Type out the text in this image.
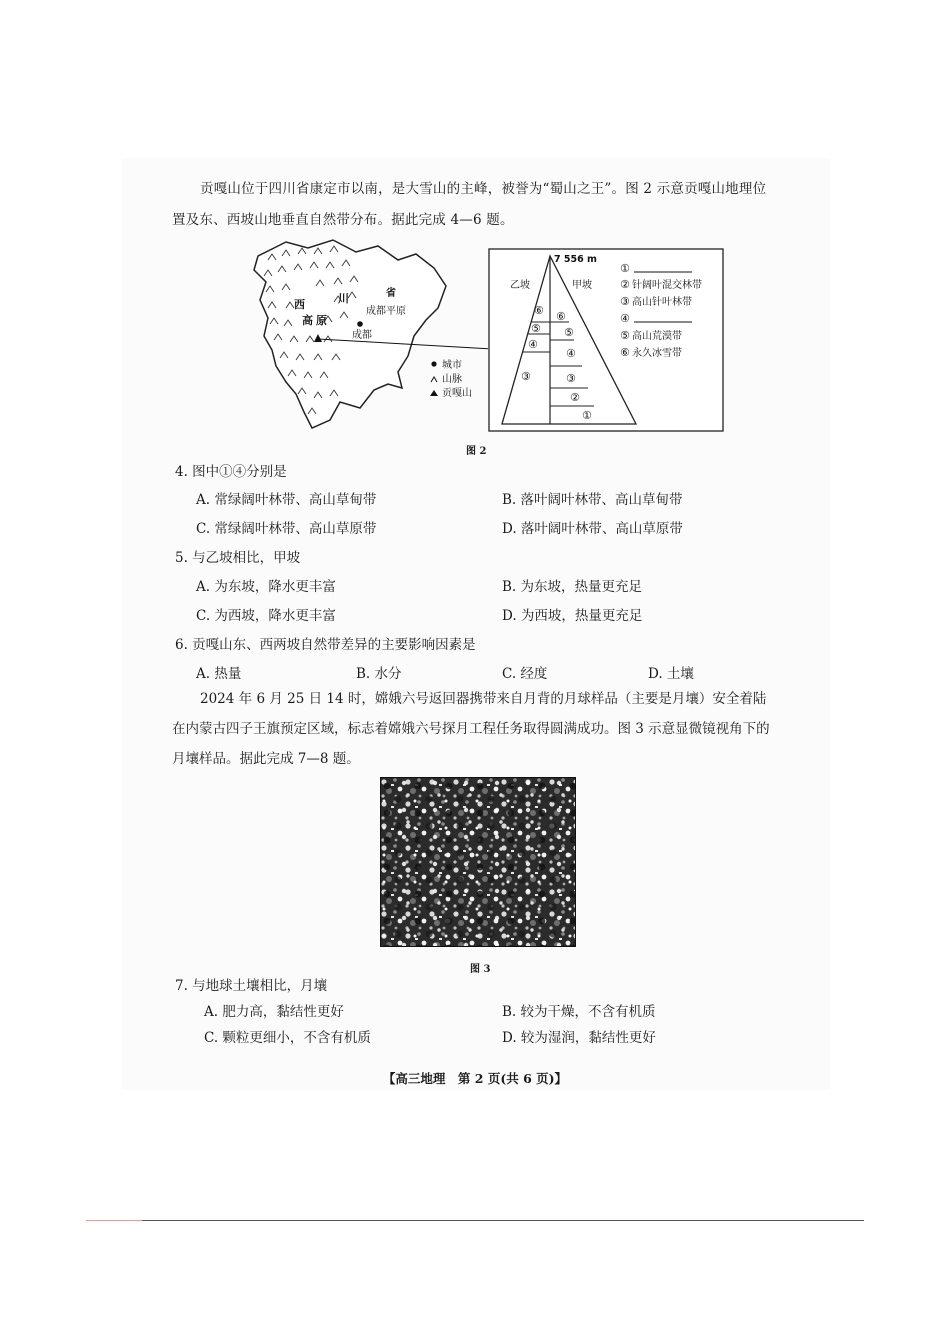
贡嘎山位于四川省康定市以南，是大雪山的主峰，被誉为“蜀山之王”。图 2 示意贡嘎山地理位置及东、西坡山地垂直自然带分布。据此完成 4—6 题。

川
西
高 原
省
成都平原
成都
城市
山脉
贡嘎山
7 556 m
乙坡	甲坡
⑥
⑤
④
③
⑥
⑤
④
③
②
①
①
② 针阔叶混交林带
③ 高山针叶林带
④
⑤ 高山荒漠带
⑥ 永久冰雪带
图 2
4. 图中①④分别是
A. 常绿阔叶林带、高山草甸带	B. 落叶阔叶林带、高山草甸带
C. 常绿阔叶林带、高山草原带	D. 落叶阔叶林带、高山草原带
5. 与乙坡相比，甲坡
A. 为东坡，降水更丰富	B. 为东坡，热量更充足
C. 为西坡，降水更丰富	D. 为西坡，热量更充足
6. 贡嘎山东、西两坡自然带差异的主要影响因素是
A. 热量	B. 水分	C. 经度	D. 土壤

2024 年 6 月 25 日 14 时，嫦娥六号返回器携带来自月背的月球样品（主要是月壤）安全着陆在内蒙古四子王旗预定区域，标志着嫦娥六号探月工程任务取得圆满成功。图 3 示意显微镜视角下的月壤样品。据此完成 7—8 题。

图 3
7. 与地球土壤相比，月壤
A. 肥力高，黏结性更好	B. 较为干燥，不含有机质
C. 颗粒更细小，不含有机质	D. 较为湿润，黏结性更好
【高三地理　第 2 页(共 6 页)】
